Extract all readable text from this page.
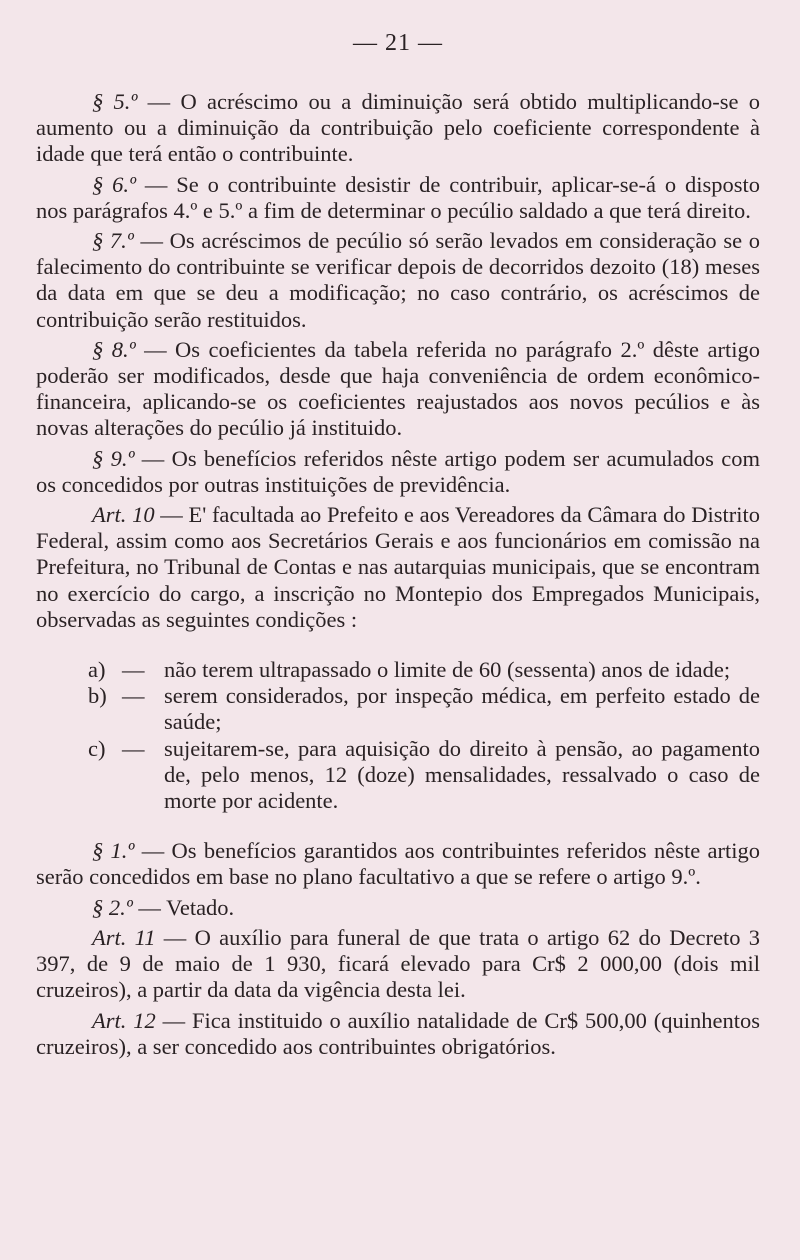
— 21 —

§ 5.º — O acréscimo ou a diminuição será obtido multiplicando-se o aumento ou a diminuição da contribuição pelo coeficiente correspondente à idade que terá então o contribuinte.

§ 6.º — Se o contribuinte desistir de contribuir, aplicar-se-á o disposto nos parágrafos 4.º e 5.º a fim de determinar o pecúlio saldado a que terá direito.

§ 7.º — Os acréscimos de pecúlio só serão levados em consideração se o falecimento do contribuinte se verificar depois de decorridos dezoito (18) meses da data em que se deu a modificação; no caso contrário, os acréscimos de contribuição serão restituidos.

§ 8.º — Os coeficientes da tabela referida no parágrafo 2.º dêste artigo poderão ser modificados, desde que haja conveniência de ordem econômico-financeira, aplicando-se os coeficientes reajustados aos novos pecúlios e às novas alterações do pecúlio já instituido.

§ 9.º — Os benefícios referidos nêste artigo podem ser acumulados com os concedidos por outras instituições de previdência.

Art. 10 — E' facultada ao Prefeito e aos Vereadores da Câmara do Distrito Federal, assim como aos Secretários Gerais e aos funcionários em comissão na Prefeitura, no Tribunal de Contas e nas autarquias municipais, que se encontram no exercício do cargo, a inscrição no Montepio dos Empregados Municipais, observadas as seguintes condições :

a) — não terem ultrapassado o limite de 60 (sessenta) anos de idade;
b) — serem considerados, por inspeção médica, em perfeito estado de saúde;
c) — sujeitarem-se, para aquisição do direito à pensão, ao pagamento de, pelo menos, 12 (doze) mensalidades, ressalvado o caso de morte por acidente.

§ 1.º — Os benefícios garantidos aos contribuintes referidos nêste artigo serão concedidos em base no plano facultativo a que se refere o artigo 9.º.

§ 2.º — Vetado.

Art. 11 — O auxílio para funeral de que trata o artigo 62 do Decreto 3 397, de 9 de maio de 1 930, ficará elevado para Cr$ 2 000,00 (dois mil cruzeiros), a partir da data da vigência desta lei.

Art. 12 — Fica instituido o auxílio natalidade de Cr$ 500,00 (quinhentos cruzeiros), a ser concedido aos contribuintes obrigatórios.
